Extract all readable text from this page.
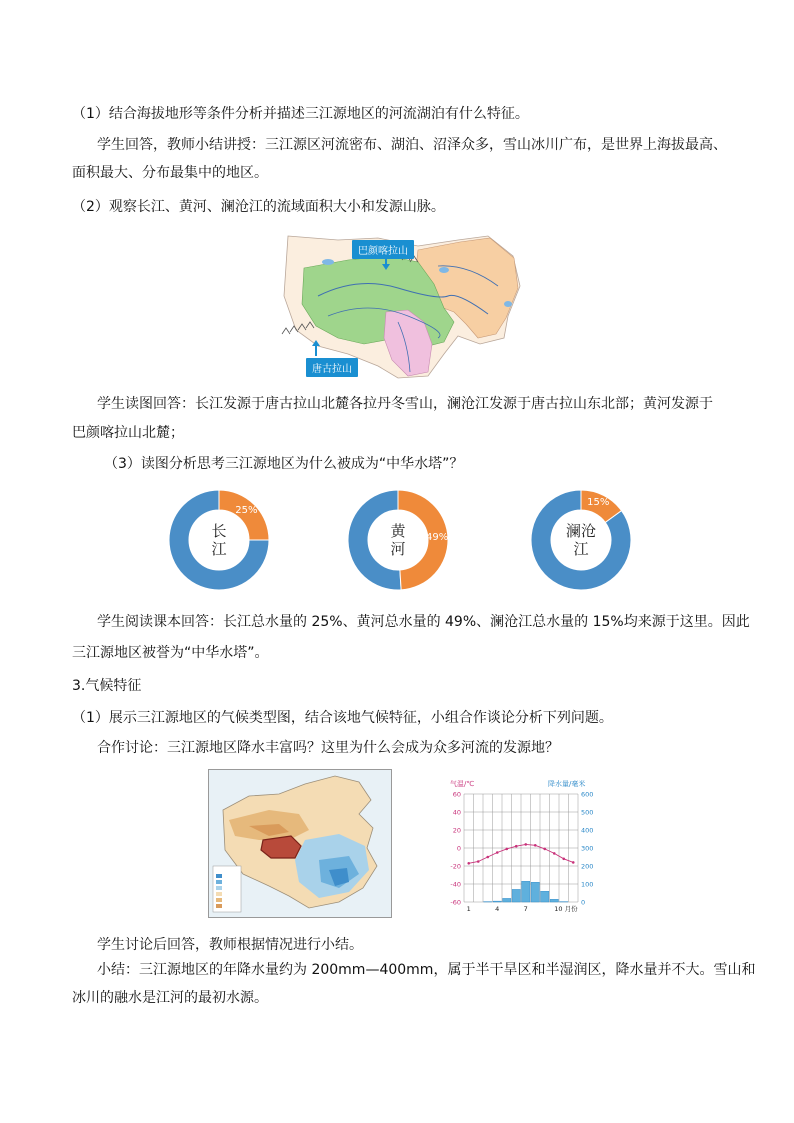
（1）结合海拔地形等条件分析并描述三江源地区的河流湖泊有什么特征。
学生回答，教师小结讲授：三江源区河流密布、湖泊、沼泽众多，雪山冰川广布，是世界上海拔最高、
面积最大、分布最集中的地区。
（2）观察长江、黄河、澜沧江的流域面积大小和发源山脉。
巴颜喀拉山
唐古拉山
学生读图回答：长江发源于唐古拉山北麓各拉丹冬雪山，澜沧江发源于唐古拉山东北部；黄河发源于
巴颜喀拉山北麓；
（3）读图分析思考三江源地区为什么被成为“中华水塔”？
长
江
25%
黄
河
49%	澜沧
江
15%
学生阅读课本回答：长江总水量的 25%、黄河总水量的 49%、澜沧江总水量的 15%均来源于这里。因此
三江源地区被誉为“中华水塔”。
3.气候特征
（1）展示三江源地区的气候类型图，结合该地气候特征，小组合作谈论分析下列问题。
合作讨论：三江源地区降水丰富吗？这里为什么会成为众多河流的发源地？
气温/℃	降水量/毫米
60
40
20
0
-20
-40
-60
600
500
400
300
200
100
0
1	4	7	10 月份
学生讨论后回答，教师根据情况进行小结。
小结：三江源地区的年降水量约为 200mm—400mm，属于半干旱区和半湿润区，降水量并不大。雪山和
冰川的融水是江河的最初水源。
